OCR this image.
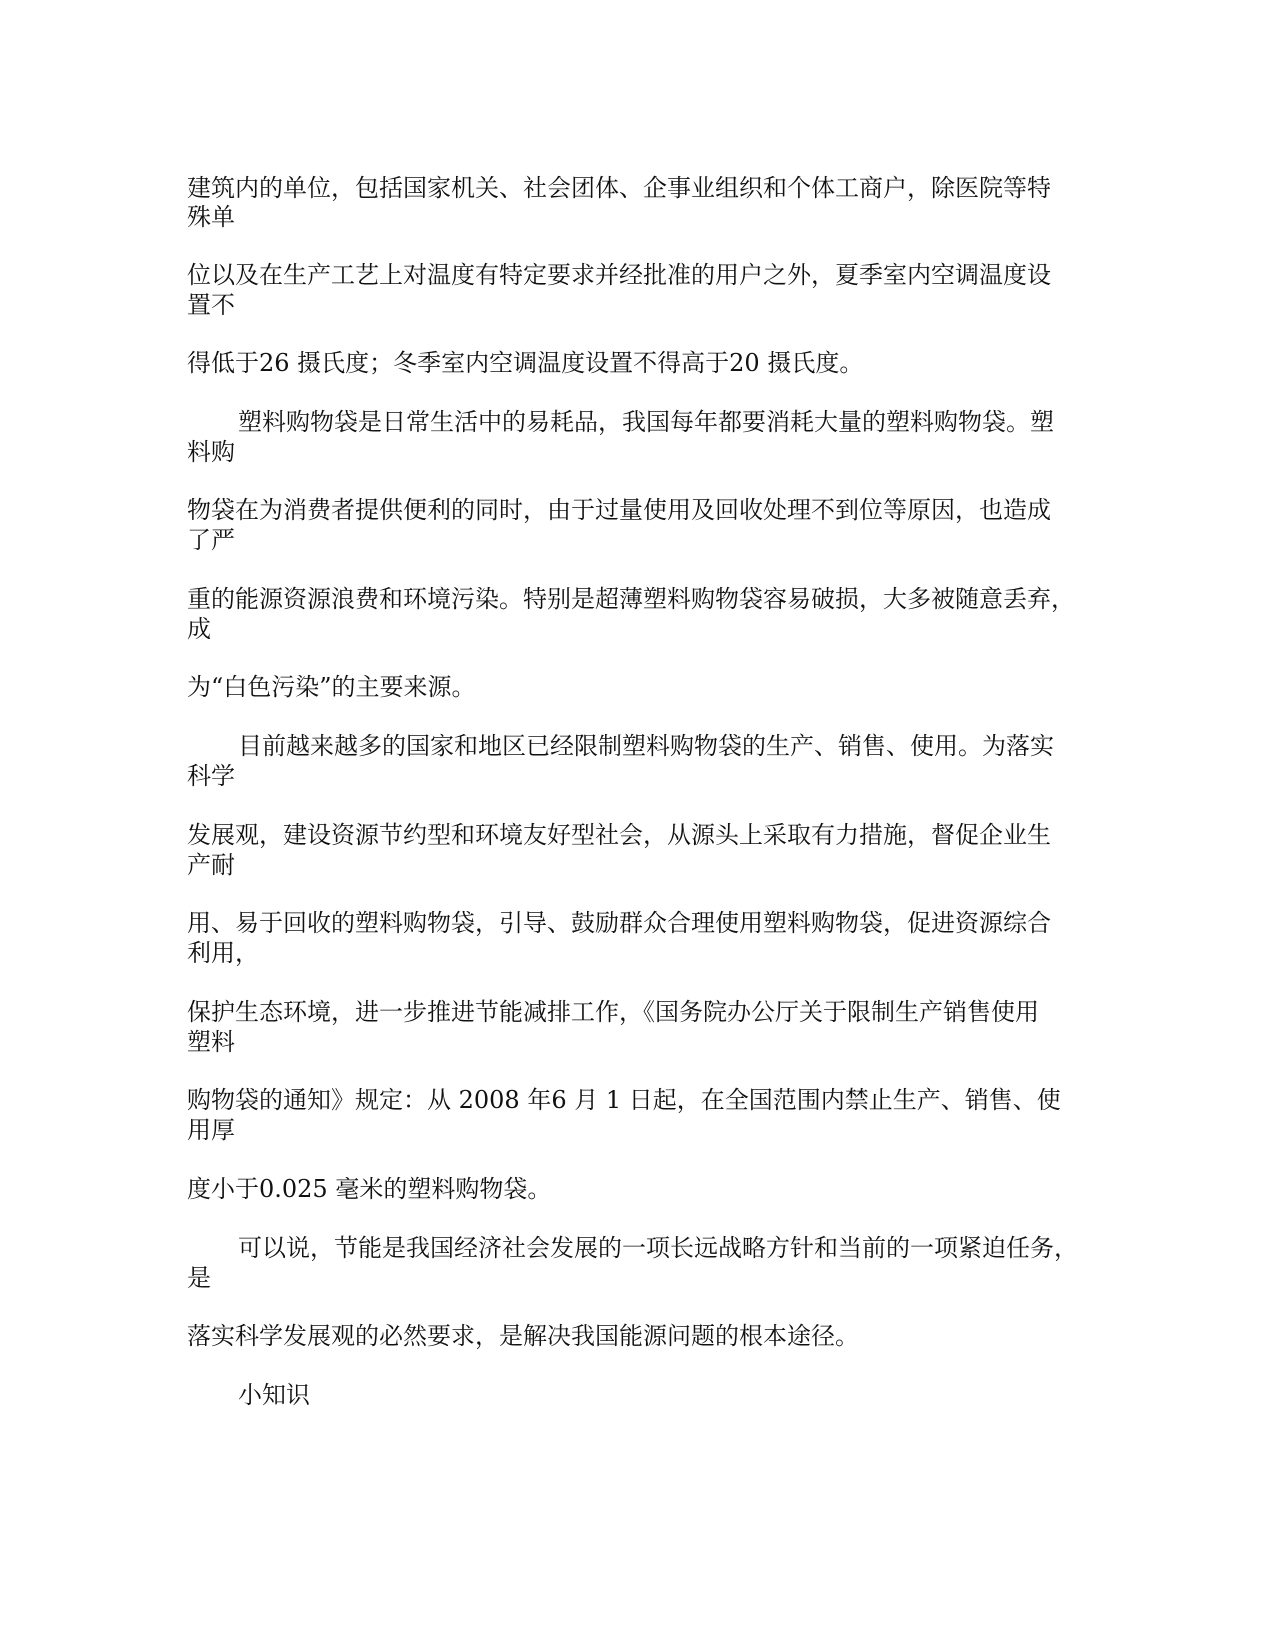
建筑内的单位，包括国家机关、社会团体、企事业组织和个体工商户，除医院等特
殊单
位以及在生产工艺上对温度有特定要求并经批准的用户之外，夏季室内空调温度设
置不
得低于26 摄氏度；冬季室内空调温度设置不得高于20 摄氏度。
塑料购物袋是日常生活中的易耗品，我国每年都要消耗大量的塑料购物袋。塑
料购
物袋在为消费者提供便利的同时，由于过量使用及回收处理不到位等原因，也造成
了严
重的能源资源浪费和环境污染。特别是超薄塑料购物袋容易破损，大多被随意丢弃，
成
为“白色污染”的主要来源。
目前越来越多的国家和地区已经限制塑料购物袋的生产、销售、使用。为落实
科学
发展观，建设资源节约型和环境友好型社会，从源头上采取有力措施，督促企业生
产耐
用、易于回收的塑料购物袋，引导、鼓励群众合理使用塑料购物袋，促进资源综合
利用，
保护生态环境，进一步推进节能减排工作，《国务院办公厅关于限制生产销售使用
塑料
购物袋的通知》规定：从 2008 年6 月 1 日起，在全国范围内禁止生产、销售、使
用厚
度小于0.025 毫米的塑料购物袋。
可以说，节能是我国经济社会发展的一项长远战略方针和当前的一项紧迫任务，
是
落实科学发展观的必然要求，是解决我国能源问题的根本途径。
小知识
